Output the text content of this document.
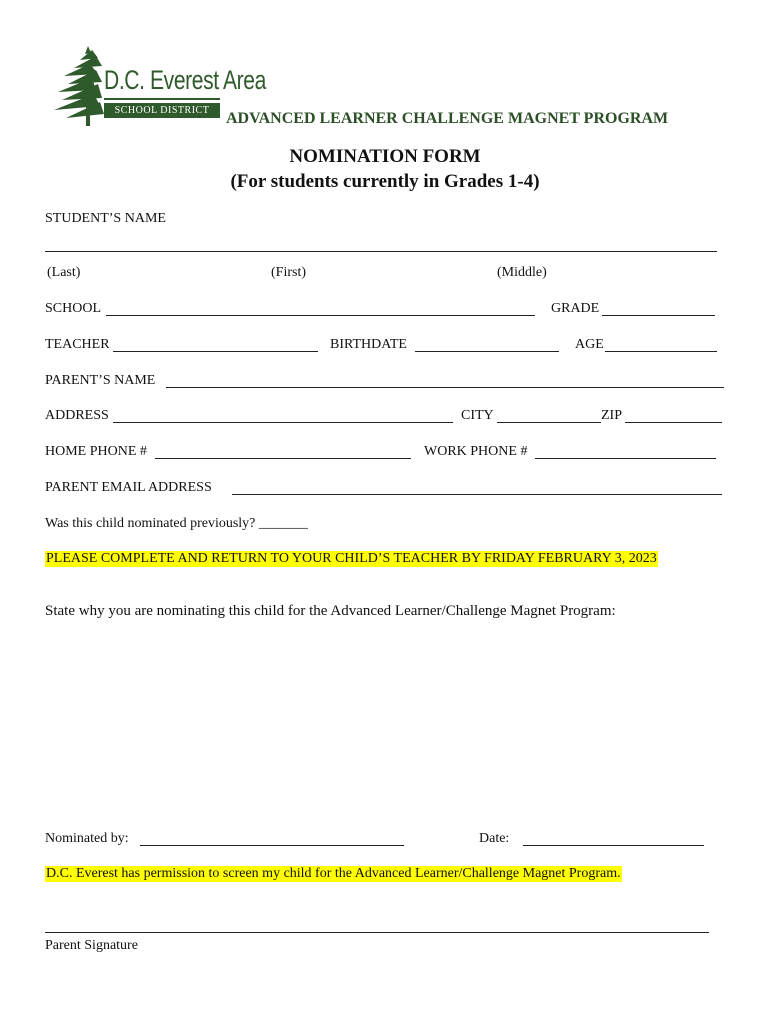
D.C. Everest Area
SCHOOL DISTRICT	ADVANCED LEARNER CHALLENGE MAGNET PROGRAM
NOMINATION FORM
(For students currently in Grades 1-4)
STUDENT’S NAME
(Last)	(First)	(Middle)
SCHOOL	GRADE
TEACHER	BIRTHDATE	AGE
PARENT’S NAME
ADDRESS	CITY	ZIP
HOME PHONE #	WORK PHONE #
PARENT EMAIL ADDRESS
Was this child nominated previously? _______
PLEASE COMPLETE AND RETURN TO YOUR CHILD’S TEACHER BY FRIDAY FEBRUARY 3, 2023
State why you are nominating this child for the Advanced Learner/Challenge Magnet Program:
Nominated by:	Date:
D.C. Everest has permission to screen my child for the Advanced Learner/Challenge Magnet Program.
Parent Signature
